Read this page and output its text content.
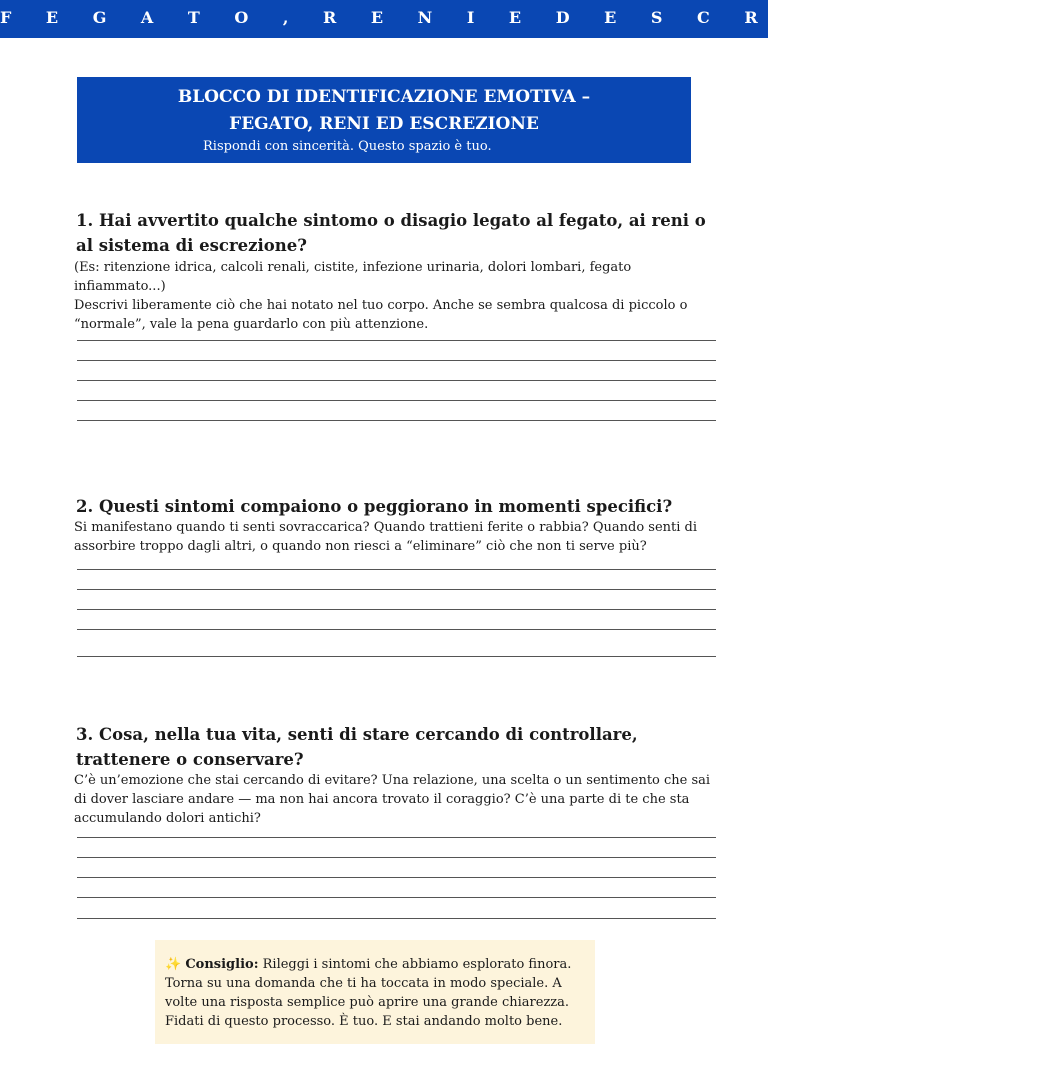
F E G A T O , R E N I E D E S C R E Z I O N E
BLOCCO DI IDENTIFICAZIONE EMOTIVA –
FEGATO, RENI ED ESCREZIONE
Rispondi con sincerità. Questo spazio è tuo.
1. Hai avvertito qualche sintomo o disagio legato al fegato, ai reni o al sistema di escrezione?
(Es: ritenzione idrica, calcoli renali, cistite, infezione urinaria, dolori lombari, fegato infiammato...)
Descrivi liberamente ciò che hai notato nel tuo corpo. Anche se sembra qualcosa di piccolo o “normale”, vale la pena guardarlo con più attenzione.
2. Questi sintomi compaiono o peggiorano in momenti specifici?
Si manifestano quando ti senti sovraccarica? Quando trattieni ferite o rabbia? Quando senti di assorbire troppo dagli altri, o quando non riesci a “eliminare” ciò che non ti serve più?
3. Cosa, nella tua vita, senti di stare cercando di controllare, trattenere o conservare?
C’è un’emozione che stai cercando di evitare? Una relazione, una scelta o un sentimento che sai di dover lasciare andare — ma non hai ancora trovato il coraggio? C’è una parte di te che sta accumulando dolori antichi?
✨ Consiglio: Rileggi i sintomi che abbiamo esplorato finora. Torna su una domanda che ti ha toccata in modo speciale. A volte una risposta semplice può aprire una grande chiarezza.
Fidati di questo processo. È tuo. E stai andando molto bene.
